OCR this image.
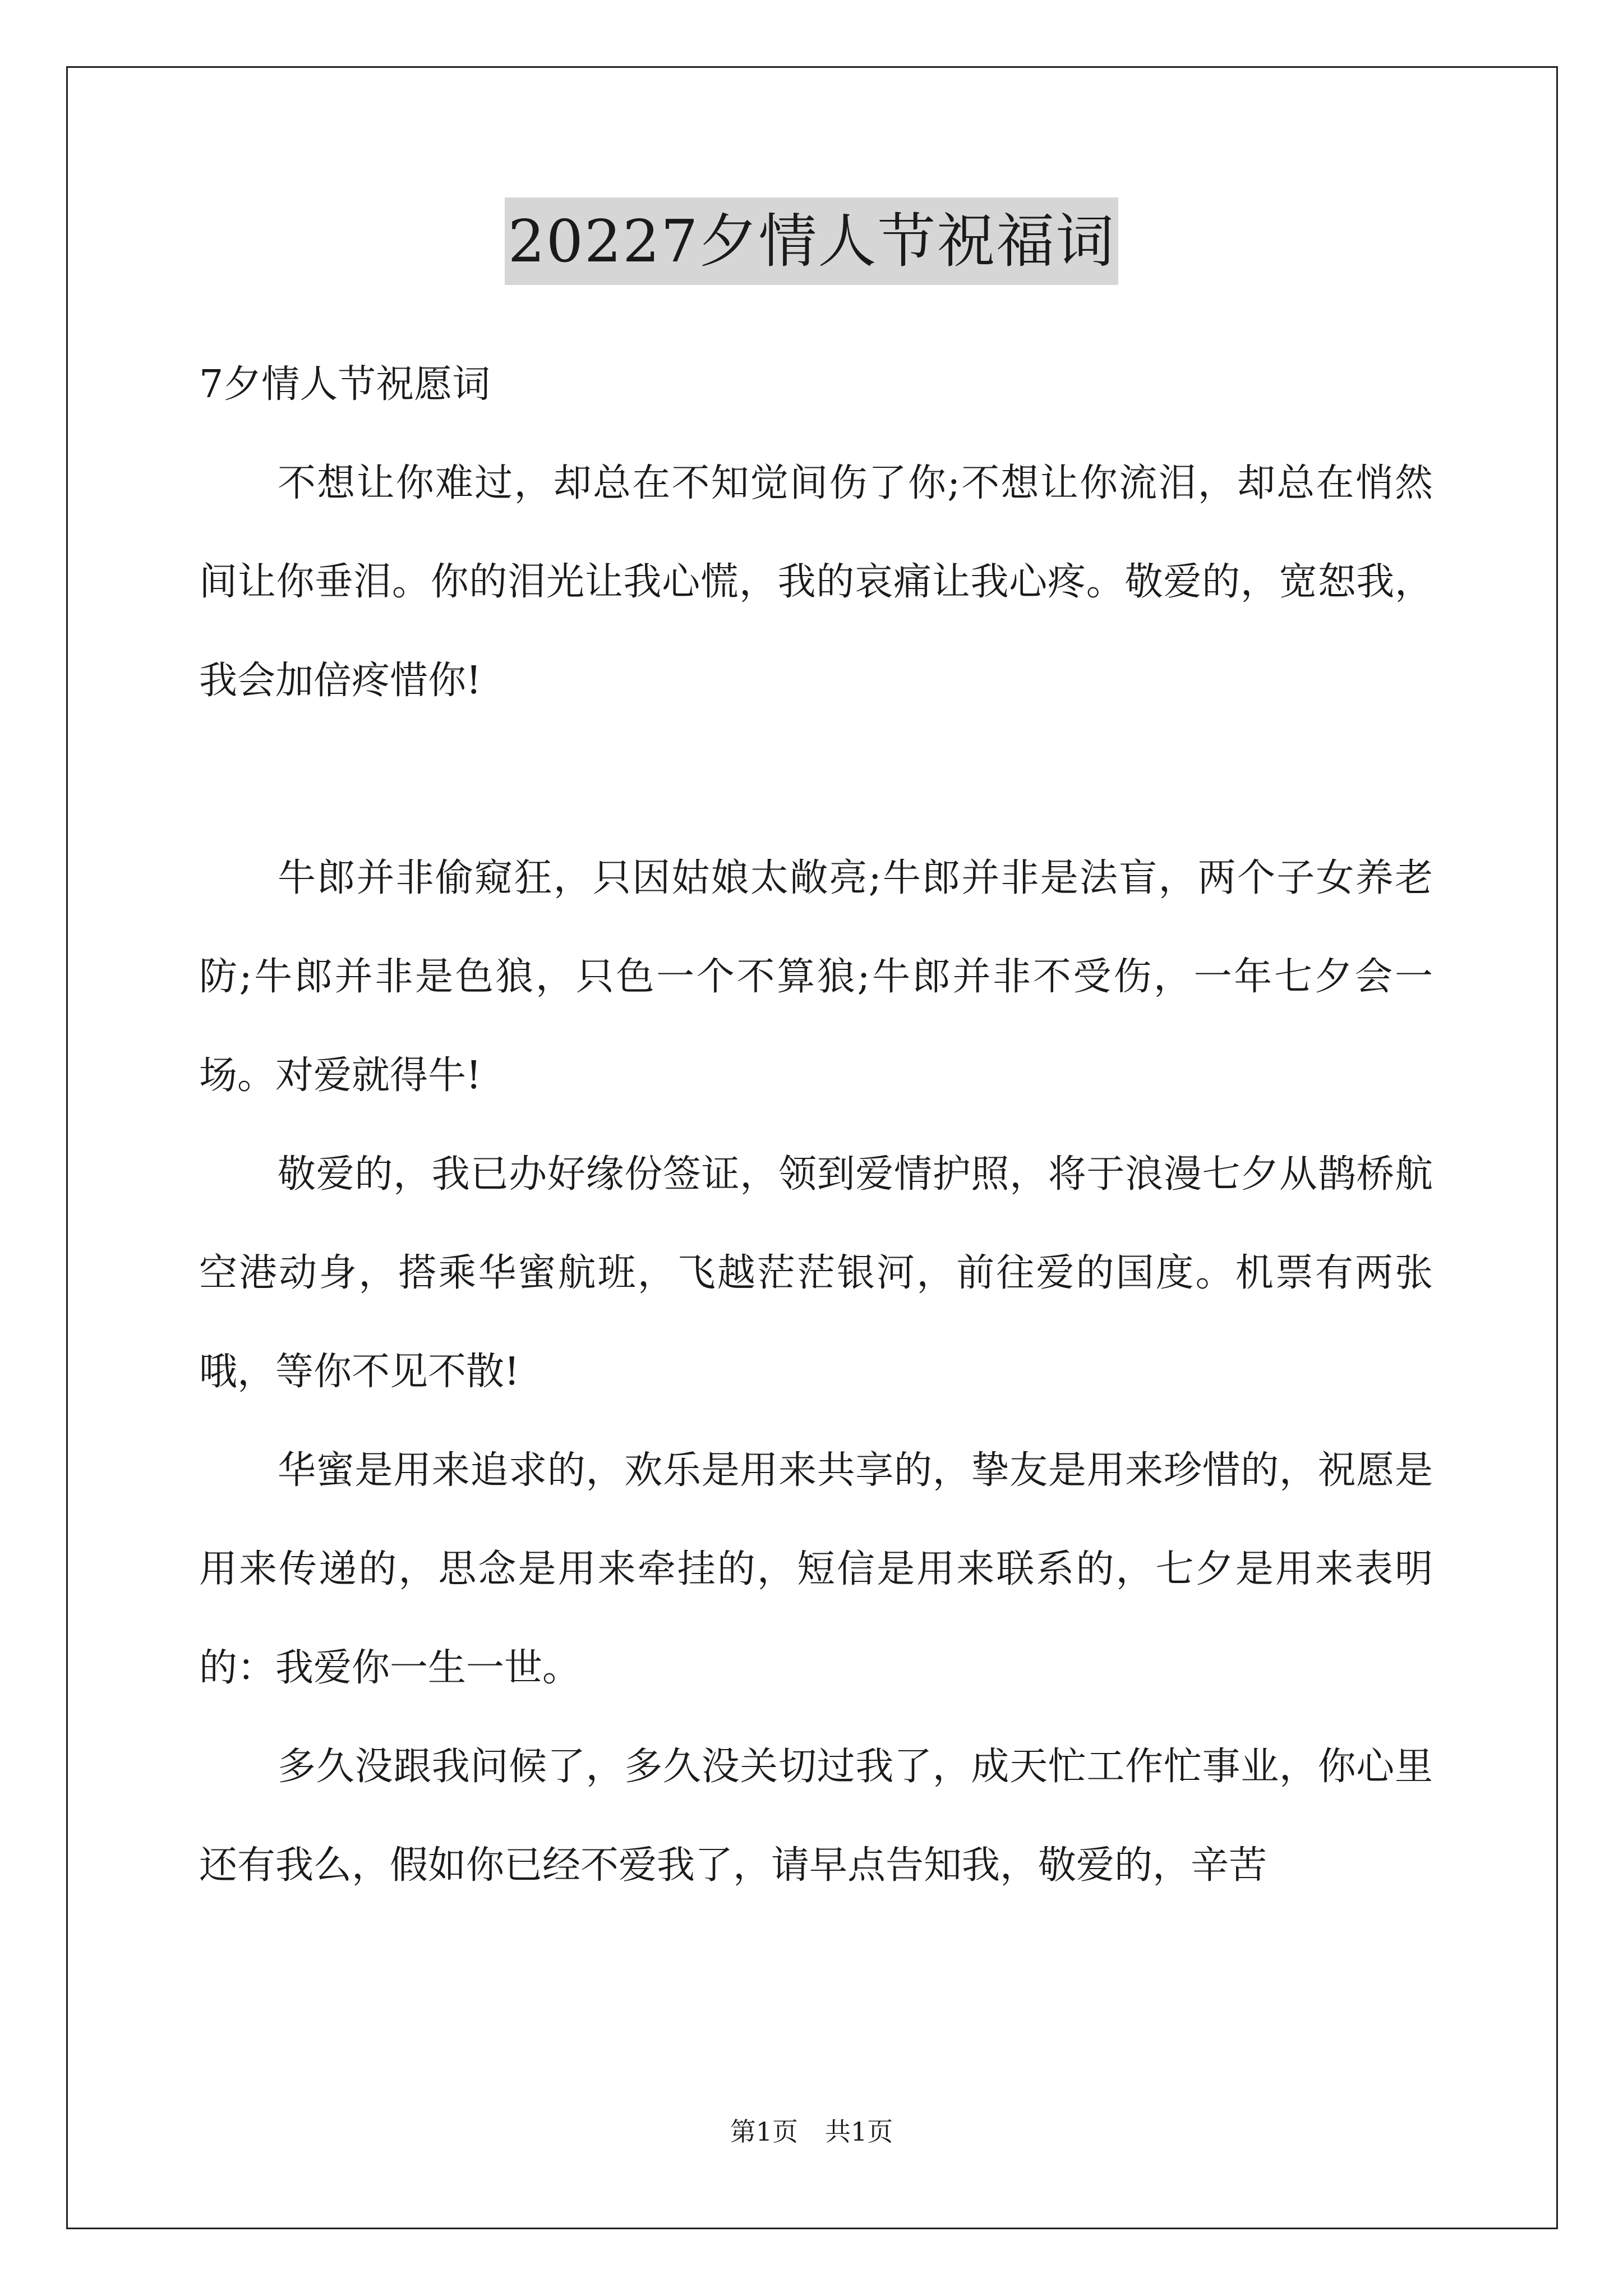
20227夕情人节祝福词

7夕情人节祝愿词

不想让你难过，却总在不知觉间伤了你;不想让你流泪，却总在悄然间让你垂泪。你的泪光让我心慌，我的哀痛让我心疼。敬爱的，宽恕我，我会加倍疼惜你!

牛郎并非偷窥狂，只因姑娘太敞亮;牛郎并非是法盲，两个子女养老防;牛郎并非是色狼，只色一个不算狼;牛郎并非不受伤，一年七夕会一场。对爱就得牛!

敬爱的，我已办好缘份签证，领到爱情护照，将于浪漫七夕从鹊桥航空港动身，搭乘华蜜航班，飞越茫茫银河，前往爱的国度。机票有两张哦，等你不见不散!

华蜜是用来追求的，欢乐是用来共享的，挚友是用来珍惜的，祝愿是用来传递的，思念是用来牵挂的，短信是用来联系的，七夕是用来表明的：我爱你一生一世。

多久没跟我问候了，多久没关切过我了，成天忙工作忙事业，你心里还有我么，假如你已经不爱我了，请早点告知我，敬爱的，辛苦

第1页 共1页
